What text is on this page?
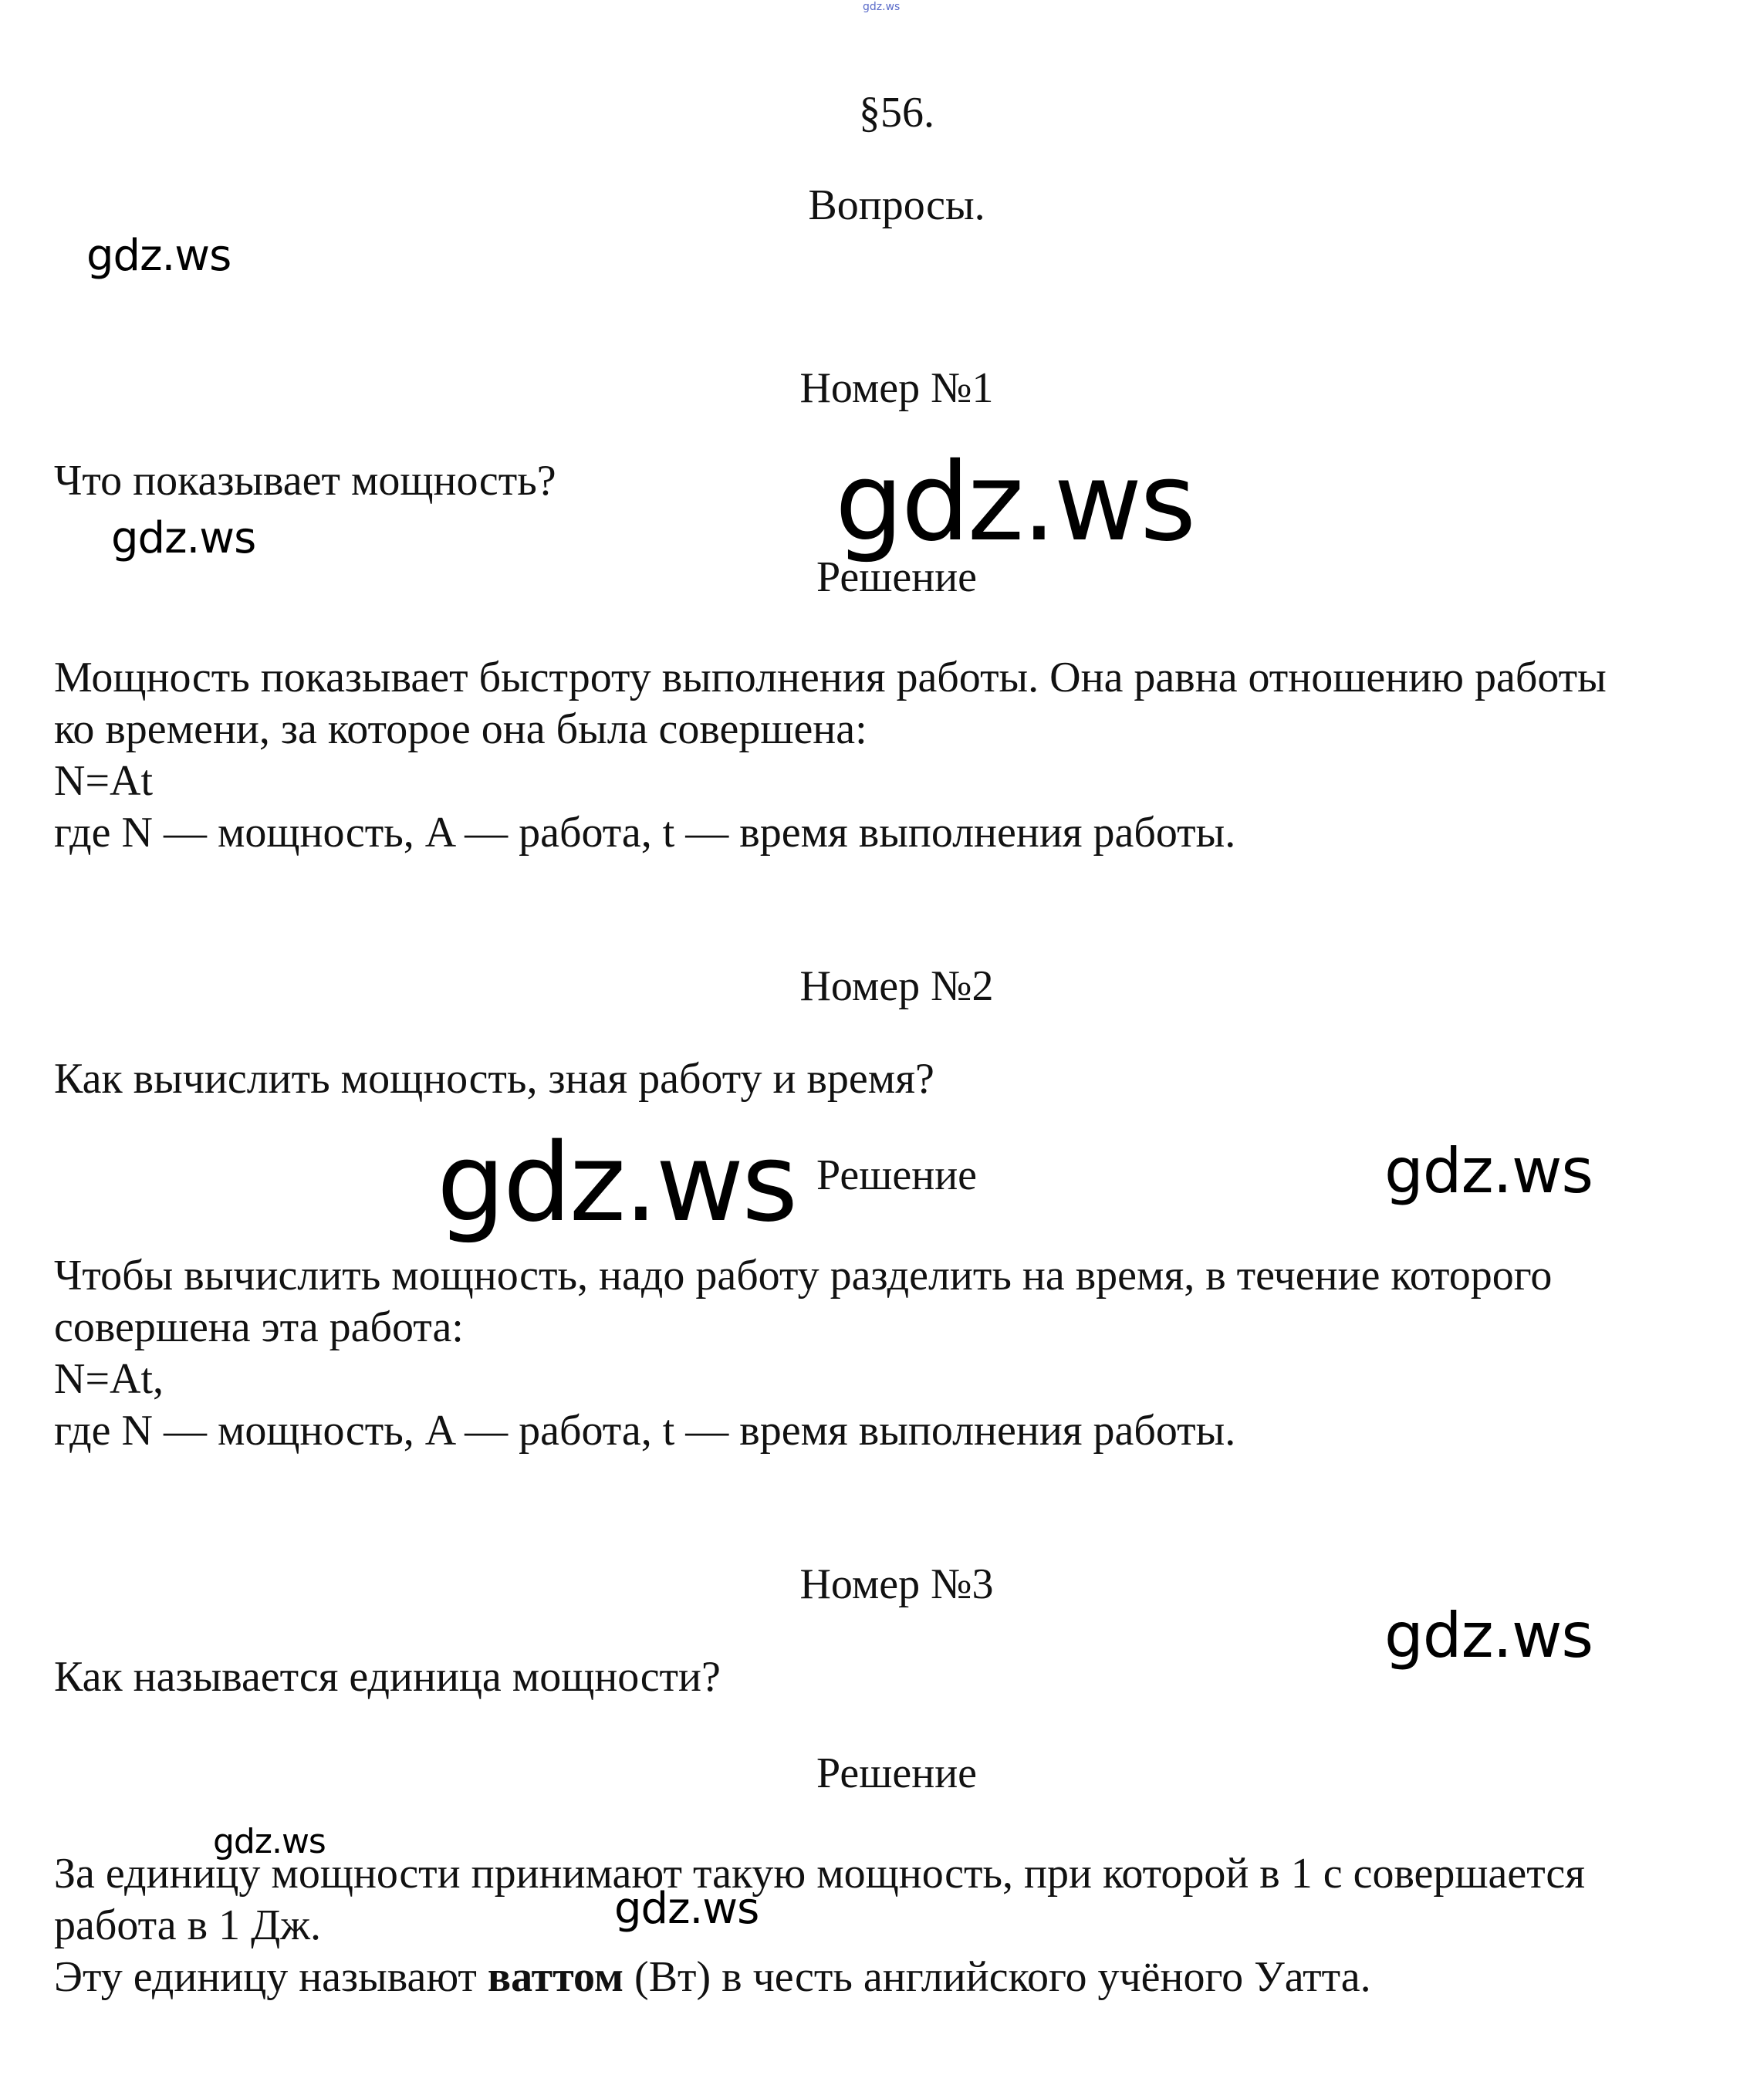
gdz.ws
§56.
Вопросы.
gdz.ws
Номер №1
Что показывает мощность?	gdz.ws
gdz.ws
Решение
Мощность показывает быстроту выполнения работы. Она равна отношению работы
ко времени, за которое она была совершена:
N=At
где N — мощность, A — работа, t — время выполнения работы.
Номер №2
Как вычислить мощность, зная работу и время?
gdz.ws Решение	gdz.ws
Чтобы вычислить мощность, надо работу разделить на время, в течение которого
совершена эта работа:
N=At,
где N — мощность, A — работа, t — время выполнения работы.
Номер №3
gdz.ws
Как называется единица мощности?
Решение
gdz.ws
За единицу мощности принимают такую мощность, при которой в 1 с совершается
работа в 1 Дж.	gdz.ws
Эту единицу называют ваттом (Вт) в честь английского учёного Уатта.
